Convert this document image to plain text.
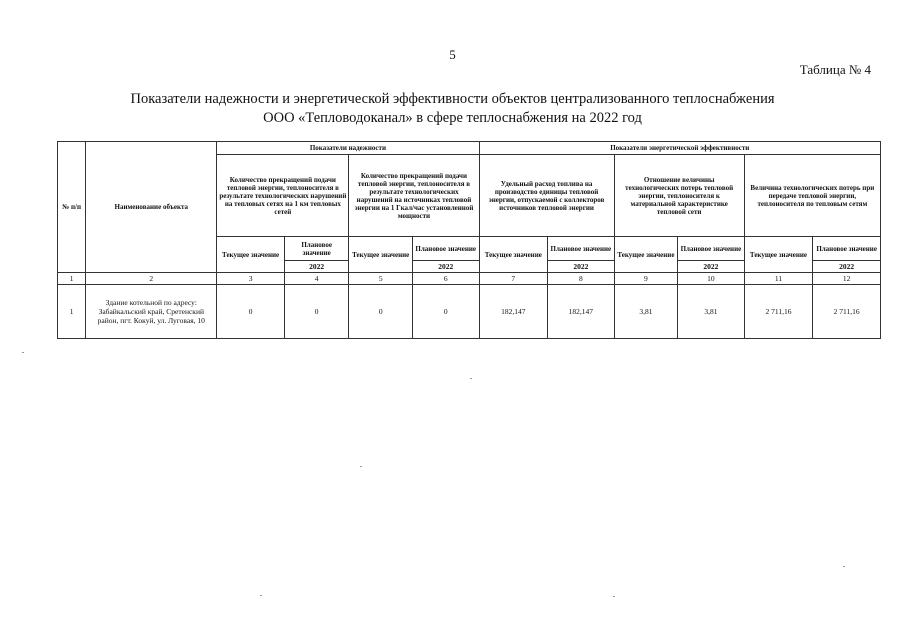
5
Таблица № 4
Показатели надежности и энергетической эффективности объектов централизованного теплоснабжения
ООО «Тепловодоканал» в сфере теплоснабжения на 2022 год
№ п/п	Наименование объекта	Показатели надежности				Показатели энергетической эффективности					
		Количество прекращений подачи тепловой энергии, теплоносителя в результате технологических нарушений на тепловых сетях на 1 км тепловых сетей		Количество прекращений подачи тепловой энергии, теплоносителя в результате технологических нарушений на источниках тепловой энергии на 1 Гкал/час установленной мощности		Удельный расход топлива на производство единицы тепловой энергии, отпускаемой с коллекторов источников тепловой энергии		Отношение величины технологических потерь тепловой энергии, теплоносителя к материальной характеристике тепловой сети		Величина технологических потерь при передаче тепловой энергии, теплоносителя по тепловым сетям	
		Текущее значение	Плановое значение	Текущее значение	Плановое значение	Текущее значение	Плановое значение	Текущее значение	Плановое значение	Текущее значение	Плановое значение
			2022		2022		2022		2022		2022
1	2	3	4	5	6	7	8	9	10	11	12
1	Здание котельной по адресу: Забайкальский край, Сретенский район, пгт. Кокуй, ул. Луговая, 10	0	0	0	0	182,147	182,147	3,81	3,81	2 711,16	2 711,16
